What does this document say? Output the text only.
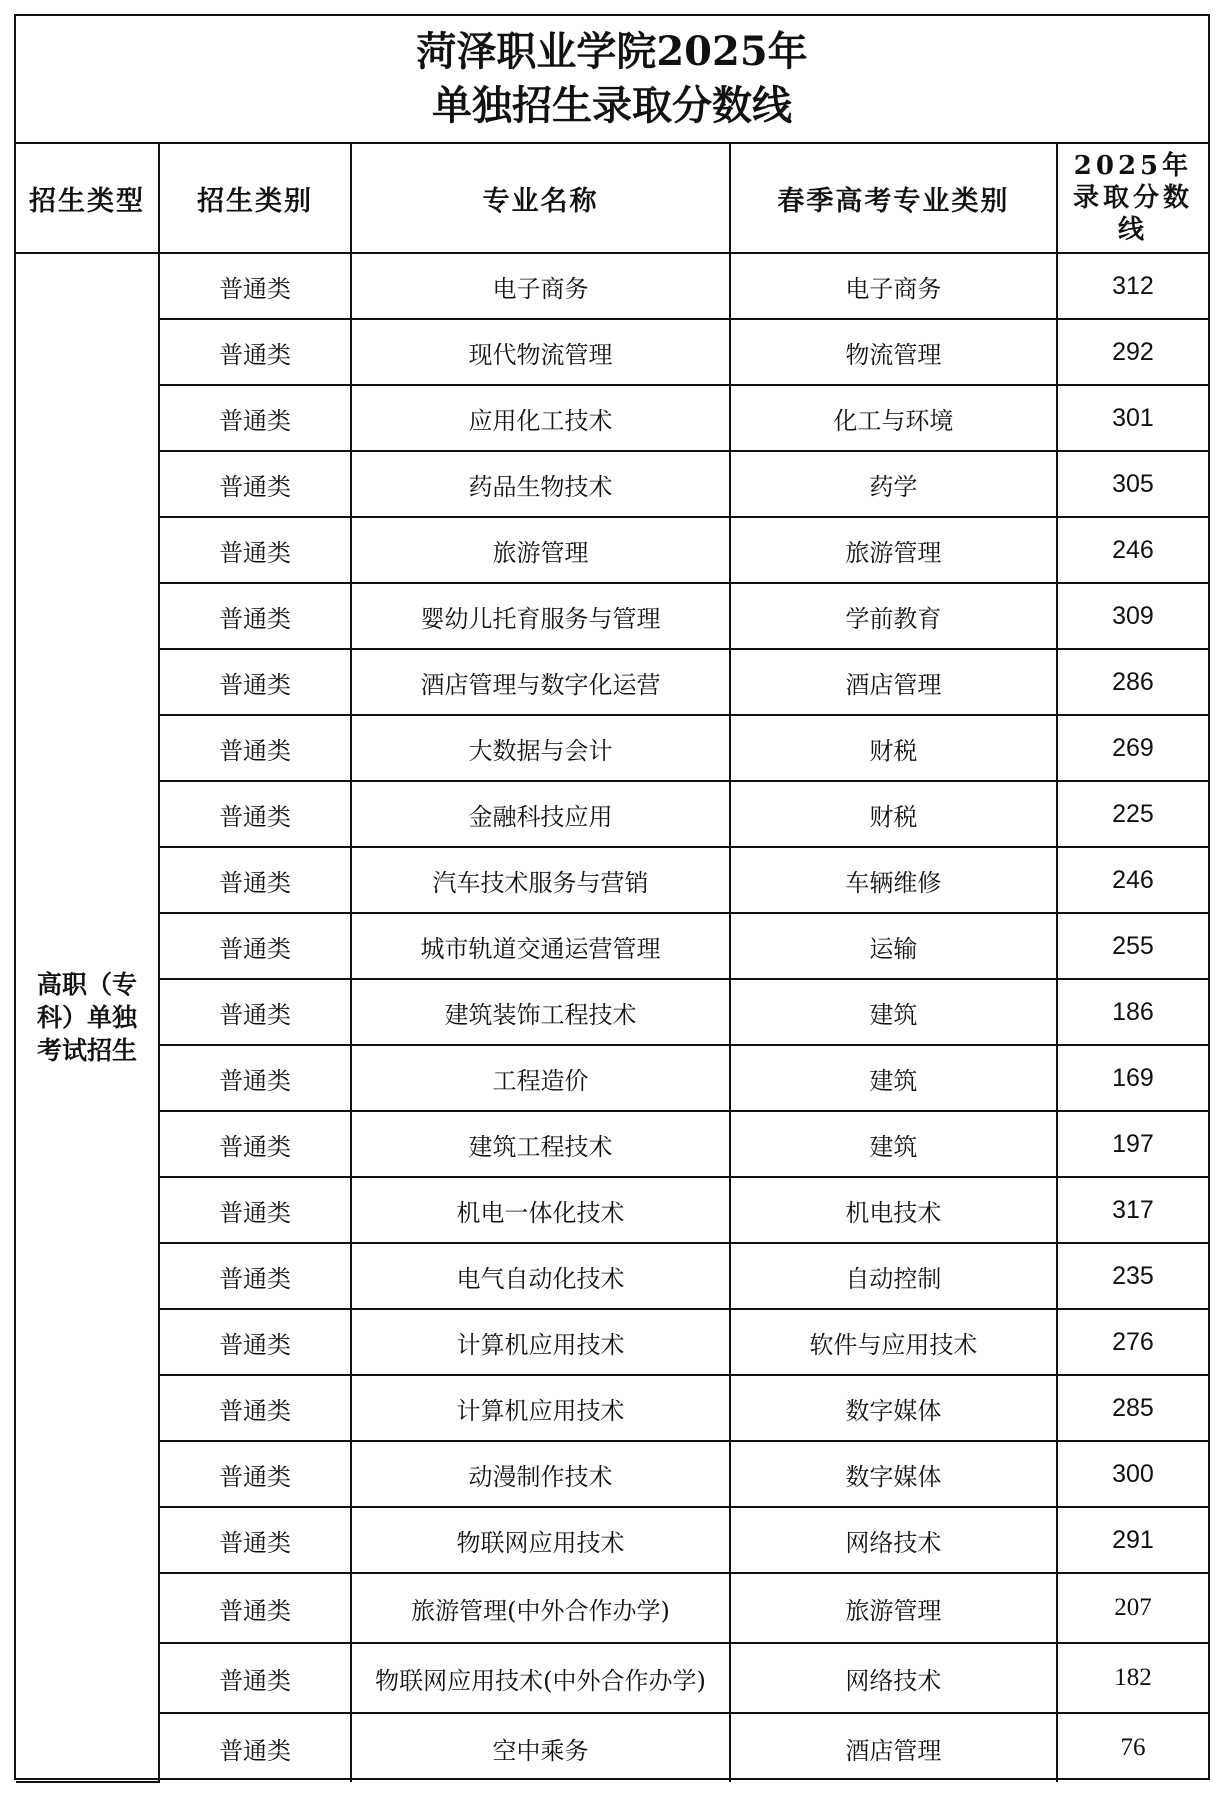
菏泽职业学院2025年
单独招生录取分数线
招生类型	招生类别	专业名称	春季高考专业类别	2025年
录取分数
线

高职（专科）单独考试招生	普通类	电子商务	电子商务	312
	普通类	现代物流管理	物流管理	292
	普通类	应用化工技术	化工与环境	301
	普通类	药品生物技术	药学	305
	普通类	旅游管理	旅游管理	246
	普通类	婴幼儿托育服务与管理	学前教育	309
	普通类	酒店管理与数字化运营	酒店管理	286
	普通类	大数据与会计	财税	269
	普通类	金融科技应用	财税	225
	普通类	汽车技术服务与营销	车辆维修	246
	普通类	城市轨道交通运营管理	运输	255
	普通类	建筑装饰工程技术	建筑	186
	普通类	工程造价	建筑	169
	普通类	建筑工程技术	建筑	197
	普通类	机电一体化技术	机电技术	317
	普通类	电气自动化技术	自动控制	235
	普通类	计算机应用技术	软件与应用技术	276
	普通类	计算机应用技术	数字媒体	285
	普通类	动漫制作技术	数字媒体	300
	普通类	物联网应用技术	网络技术	291
	普通类	旅游管理(中外合作办学)	旅游管理	207
	普通类	物联网应用技术(中外合作办学)	网络技术	182
	普通类	空中乘务	酒店管理	76
